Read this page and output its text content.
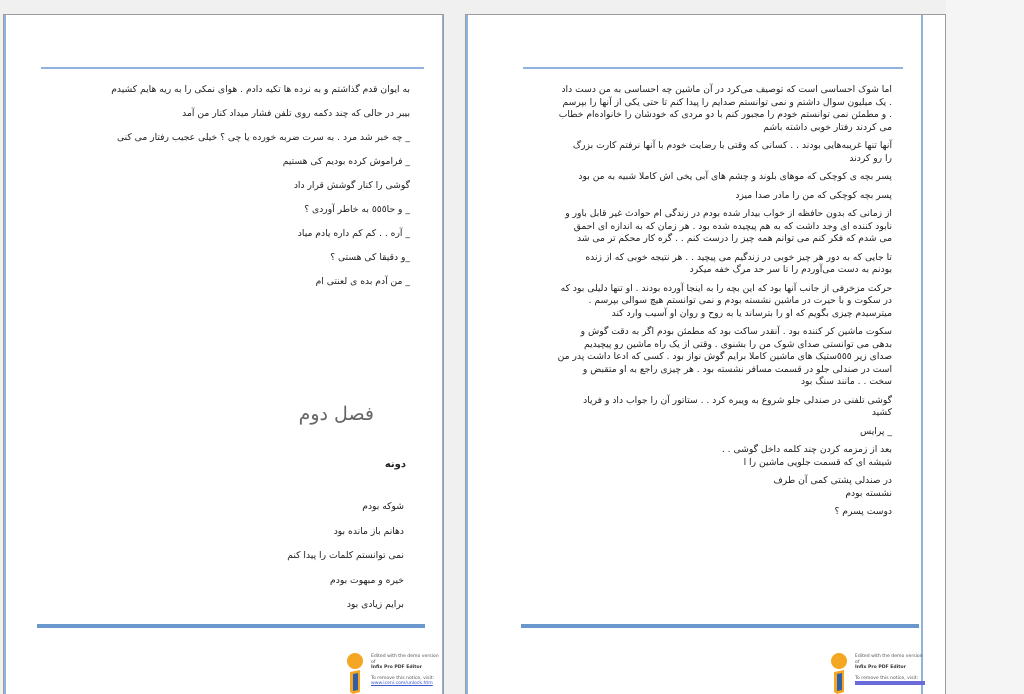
به ایوان قدم گذاشتم و به نرده ها تکیه دادم . هوای نمکی را به ریه هایم کشیدم
بیبر در حالی که چند دکمه روی تلفن فشار میداد کنار من آمد
_ چه خبر شد مرد . به سرت ضربه خورده یا چی ؟ خیلی عجیب رفتار می کنی
_ فراموش کرده بودیم کی هستیم
گوشی را کنار گوشش قرار داد
_ و حا٥٥٥ به خاطر آوردی ؟
_ آره . . کم کم داره یادم میاد
_و دقیقا کی هستی ؟
_ من آدم بده ی لعنتی ام
فصل دوم
دونه
شوکه بودم
دهانم باز مانده بود
نمی توانستم کلمات را پیدا کنم
خیره و مبهوت بودم
برایم زیادی بود
Edited with the demo version of
Infix Pro PDF Editor
To remove this notice, visit:
www.iceni.com/unlock.htm
اما شوک احساسی است که توصیف می‌کرد در آن ماشین چه احساسی به من دست داد
. یک میلیون سوال داشتم و نمی توانستم صدایم را پیدا کنم تا حتی یکی از آنها را بپرسم
. و مطمئن نمی توانستم خودم را مجبور کنم با دو مردی که خودشان را خانواده‌ام خطاب
می کردند رفتار خوبی داشته باشم
آنها تنها غریبه‌هایی بودند . . کسانی که وقتی با رضایت خودم با آنها نرفتم کارت بزرگ
را رو کردند
پسر بچه ی کوچکی که موهای بلوند و چشم های آبی یخی اش کاملا شبیه به من بود
پسر بچه کوچکی که من را مادر صدا میزد
از زمانی که بدون حافظه از خواب بیدار شده بودم در زندگی ام حوادث غیر قابل باور و
نابود کننده ای وجد داشت که به هم پیچیده شده بود . هر زمان که به اندازه ای احمق
می شدم که فکر کنم می توانم همه چیز را درست کنم . . گره کار محکم تر می شد
تا جایی که به دور هر چیز خوبی در زندگیم می پیچید . . هر نتیجه خوبی که از زنده
بودنم به دست می‌آوردم را تا سر حد مرگ خفه میکرد
حرکت مزخرفی از جانب آنها بود که این بچه را به اینجا آورده بودند . او تنها دلیلی بود که
در سکوت و با حیرت در ماشین نشسته بودم و نمی توانستم هیچ سوالی بپرسم .
میترسیدم چیزی بگویم که او را بترساند یا به روح و روان او آسیب وارد کند
سکوت ماشین کر کننده بود . آنقدر ساکت بود که مطمئن بودم اگر به دقت گوش و
بدهی می توانستی صدای شوک من را بشنوی . وقتی از یک راه ماشین رو پیچیدیم
صدای زیر ٥٥٥ستیک های ماشین کاملا برایم گوش نواز بود . کسی که ادعا داشت پدر من
است در صندلی جلو در قسمت مسافر نشسته بود . هر چیزی راجع به او متقبض و
سخت . . مانند سنگ بود
گوشی تلفنی در صندلی جلو شروع به ویبره کرد . . ستاتور آن را جواب داد و فریاد
کشید
_ پرایس
بعد از زمزمه کردن چند کلمه داخل گوشی . .
شیشه ای که قسمت جلویی ماشین را ا
در صندلی پشتی کمی آن طرف
نشسته بودم
دوست پسرم ؟
Edited with the demo version of
Infix Pro PDF Editor
To remove this notice, visit:
